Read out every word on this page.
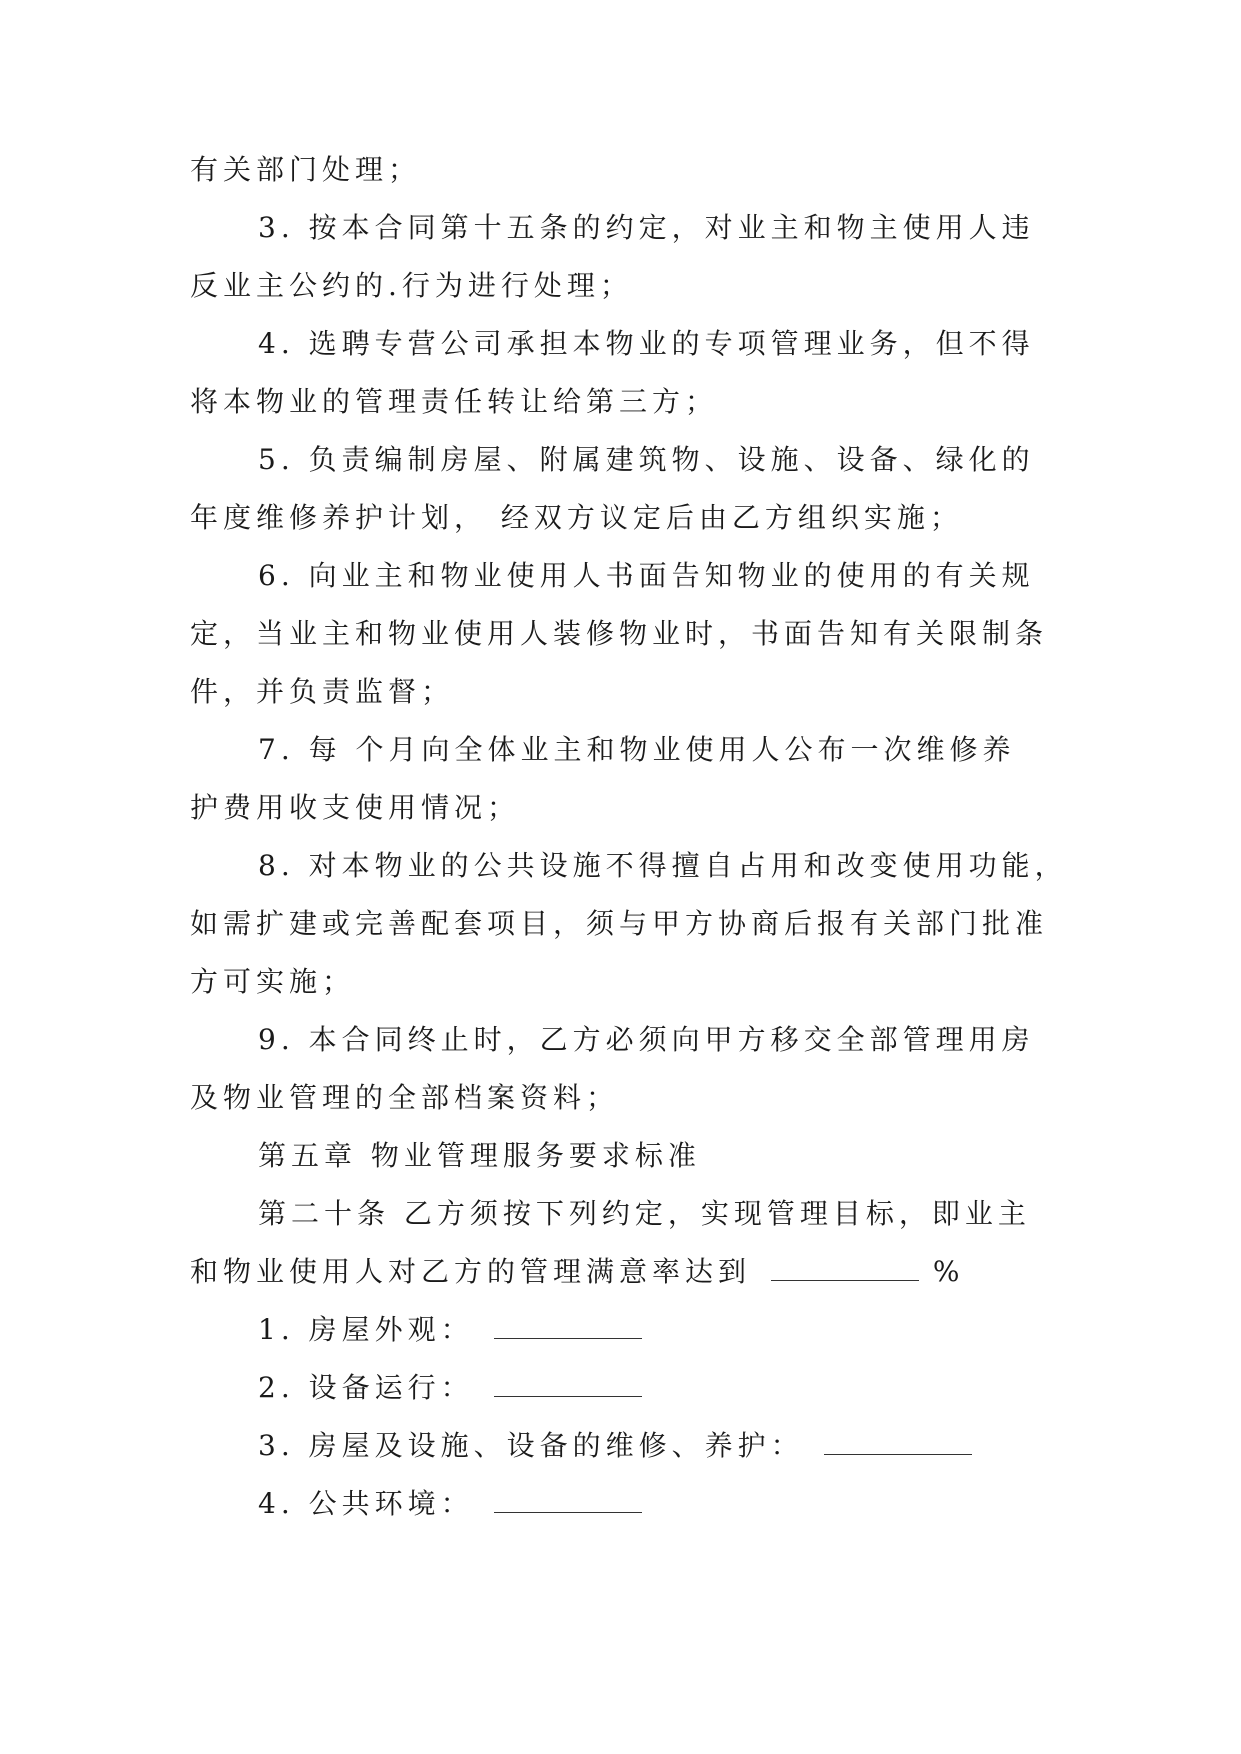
有关部门处理；
3. 按本合同第十五条的约定，对业主和物主使用人违
反业主公约的.行为进行处理；
4. 选聘专营公司承担本物业的专项管理业务，但不得
将本物业的管理责任转让给第三方；
5. 负责编制房屋、附属建筑物、设施、设备、绿化的
年度维修养护计划， 经双方议定后由乙方组织实施；
6. 向业主和物业使用人书面告知物业的使用的有关规
定，当业主和物业使用人装修物业时，书面告知有关限制条
件，并负责监督；
7. 每 个月向全体业主和物业使用人公布一次维修养
护费用收支使用情况；
8. 对本物业的公共设施不得擅自占用和改变使用功能，
如需扩建或完善配套项目，须与甲方协商后报有关部门批准
方可实施；
9. 本合同终止时，乙方必须向甲方移交全部管理用房
及物业管理的全部档案资料；
第五章 物业管理服务要求标准
第二十条 乙方须按下列约定，实现管理目标，即业主
和物业使用人对乙方的管理满意率达到	%
1. 房屋外观：
2. 设备运行：
3. 房屋及设施、设备的维修、养护：
4. 公共环境：
